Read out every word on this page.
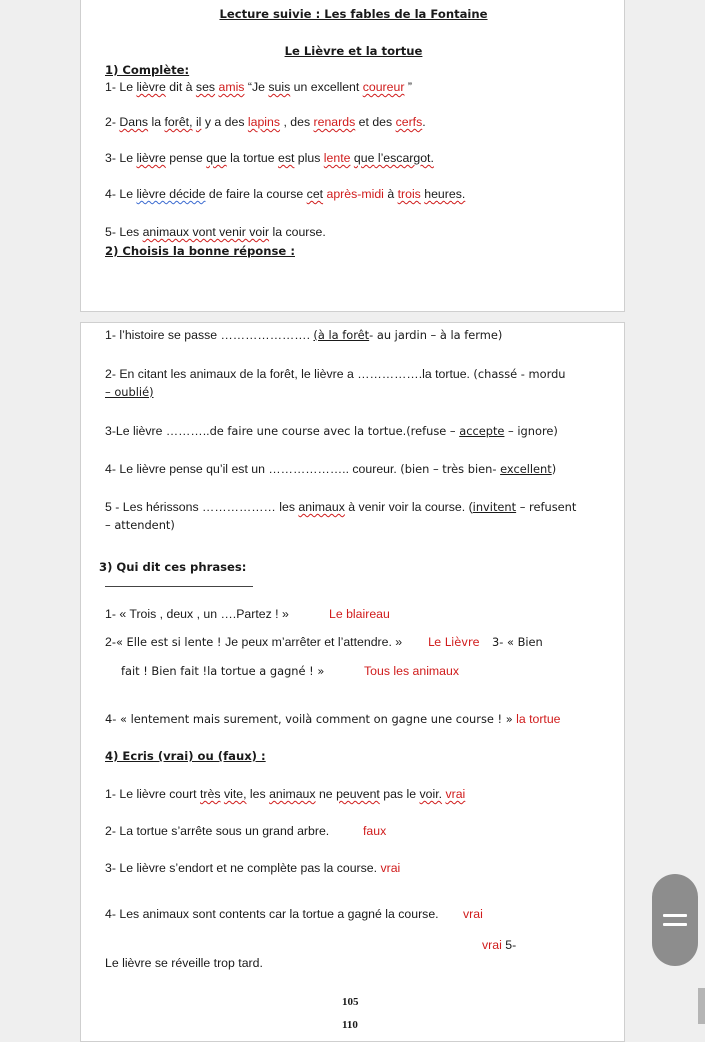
Lecture suivie : Les fables de la Fontaine
Le Lièvre et la tortue
1) Complète:
1- Le lièvre dit à ses amis “Je suis un excellent coureur ”
2- Dans la forêt, il y a des lapins , des renards et des cerfs.
3- Le lièvre pense que la tortue est plus lente que l’escargot.
4- Le lièvre décide de faire la course cet après-midi à trois heures.
5- Les animaux vont venir voir la course.
2) Choisis la bonne réponse :
1- l’histoire se passe …………………. (à la forêt- au jardin – à la ferme)
2- En citant les animaux de la forêt, le lièvre a …………….la tortue. (chassé - mordu
– oublié)
3-Le lièvre ………..de faire une course avec la tortue.(refuse – accepte – ignore)
4- Le lièvre pense qu’il est un ……………….. coureur. (bien – très bien- excellent)
5 - Les hérissons ……………… les animaux à venir voir la course. (invitent – refusent
– attendent)
3) Qui dit ces phrases:
1- « Trois , deux , un ….Partez ! »	Le blaireau
2-« Elle est si lente ! Je peux m’arrêter et l’attendre. » Le Lièvre 3- « Bien
fait ! Bien fait !la tortue a gagné ! »	Tous les animaux
4- « lentement mais surement, voilà comment on gagne une course ! » la tortue
4) Ecris (vrai) ou (faux) :
1- Le lièvre court très vite, les animaux ne peuvent pas le voir. vrai
2- La tortue s’arrête sous un grand arbre.	faux
3- Le lièvre s’endort et ne complète pas la course. vrai
4- Les animaux sont contents car la tortue a gagné la course. vrai
vrai 5-
Le lièvre se réveille trop tard.
105
110
